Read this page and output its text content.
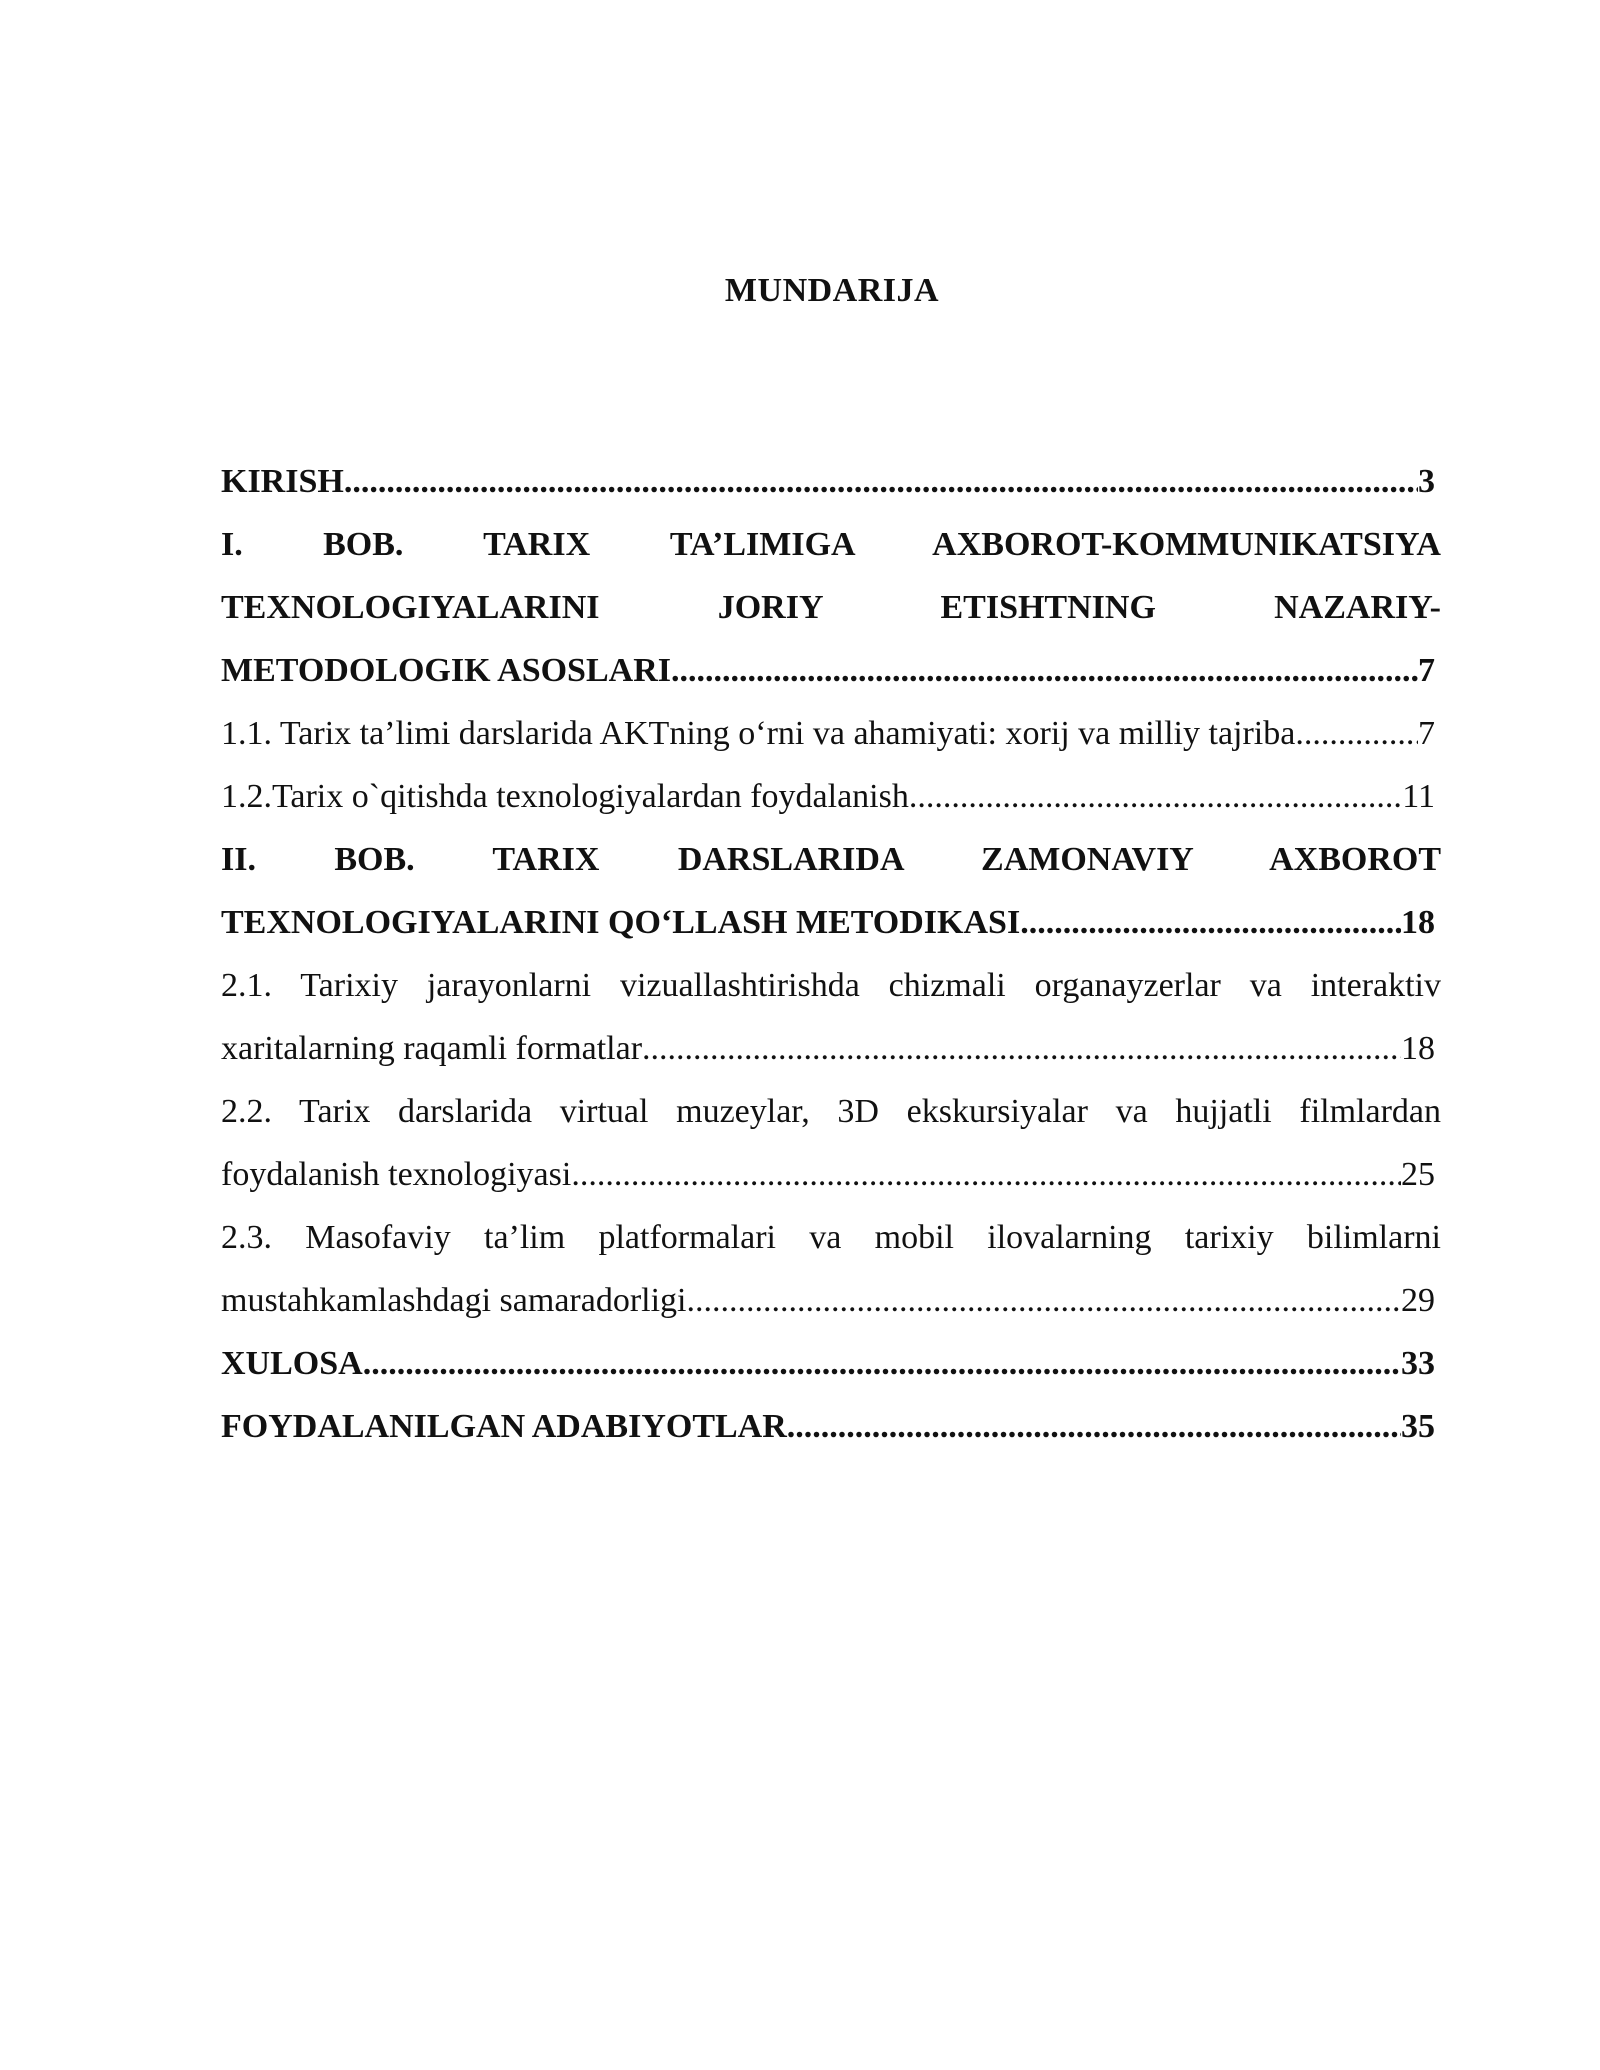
MUNDARIJA
KIRISH .....	3
I. BOB. TARIX TA’LIMIGA AXBOROT-KOMMUNIKATSIYA
TEXNOLOGIYALARINI JORIY ETISHTNING NAZARIY-
METODOLOGIK ASOSLARI .....	7
1.1. Tarix ta’limi darslarida AKTning o‘rni va ahamiyati: xorij va milliy tajriba .....	7
1.2.Tarix o`qitishda texnologiyalardan foydalanish .....	11
II. BOB. TARIX DARSLARIDA ZAMONAVIY AXBOROT
TEXNOLOGIYALARINI QO‘LLASH METODIKASI .....	18
2.1. Tarixiy jarayonlarni vizuallashtirishda chizmali organayzerlar va interaktiv
xaritalarning raqamli formatlar .....	18
2.2. Tarix darslarida virtual muzeylar, 3D ekskursiyalar va hujjatli filmlardan
foydalanish texnologiyasi .....	25
2.3. Masofaviy ta’lim platformalari va mobil ilovalarning tarixiy bilimlarni
mustahkamlashdagi samaradorligi .....	29
XULOSA .....	33
FOYDALANILGAN ADABIYOTLAR .....	35
